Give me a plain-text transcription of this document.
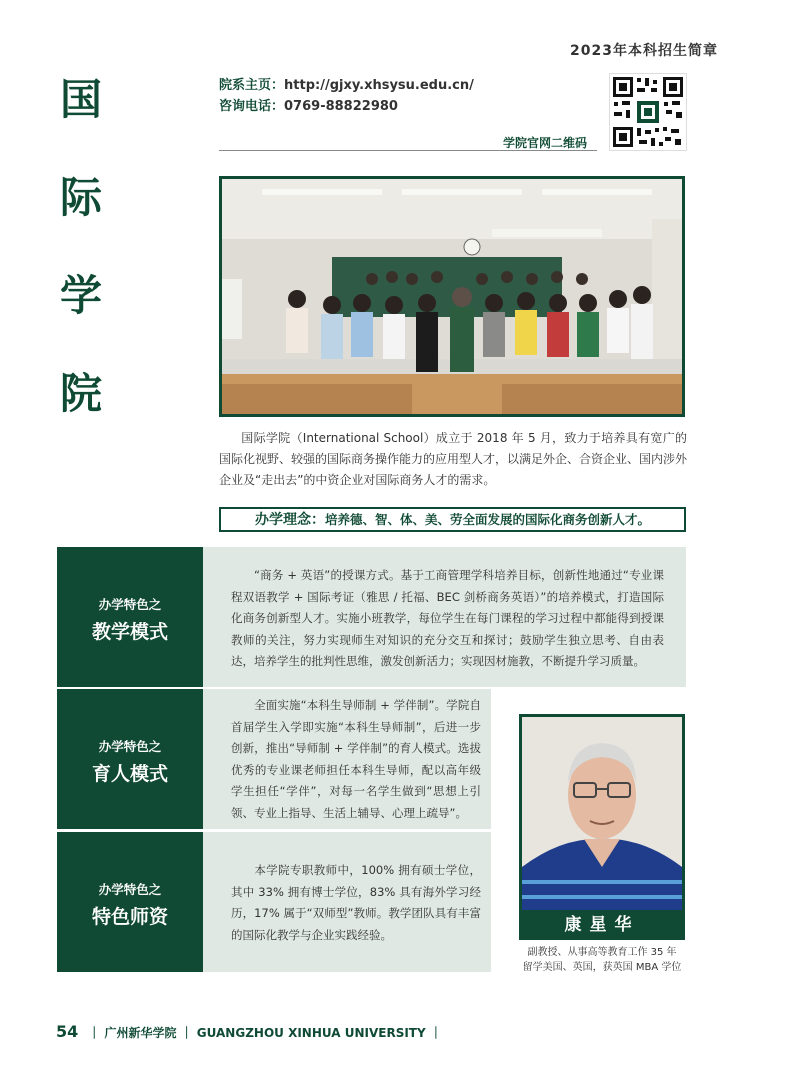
2023年本科招生简章
国
际
学
院
院系主页：http://gjxy.xhsysu.edu.cn/
咨询电话：0769-88822980
学院官网二维码
国际学院（International School）成立于 2018 年 5 月，致力于培养具有宽广的国际化视野、较强的国际商务操作能力的应用型人才，以满足外企、合资企业、国内涉外企业及“走出去”的中资企业对国际商务人才的需求。
办学理念：培养德、智、体、美、劳全面发展的国际化商务创新人才。
办学特色之
教学模式
“商务 + 英语”的授课方式。基于工商管理学科培养目标，创新性地通过“专业课程双语教学 + 国际考证（雅思 / 托福、BEC 剑桥商务英语）”的培养模式，打造国际化商务创新型人才。实施小班教学，每位学生在每门课程的学习过程中都能得到授课教师的关注，努力实现师生对知识的充分交互和探讨；鼓励学生独立思考、自由表达，培养学生的批判性思维，激发创新活力；实现因材施教，不断提升学习质量。
办学特色之
育人模式
全面实施“本科生导师制 + 学伴制”。学院自首届学生入学即实施“本科生导师制”，后进一步创新，推出“导师制 + 学伴制”的育人模式。选拔优秀的专业课老师担任本科生导师，配以高年级学生担任“学伴”，对每一名学生做到“思想上引领、专业上指导、生活上辅导、心理上疏导”。
办学特色之
特色师资
本学院专职教师中，100% 拥有硕士学位，其中 33% 拥有博士学位，83% 具有海外学习经历，17% 属于“双师型”教师。教学团队具有丰富的国际化教学与企业实践经验。	康星华
副教授、从事高等教育工作 35 年
留学美国、英国，获英国 MBA 学位
54 ｜ 广州新华学院 ｜ GUANGZHOU XINHUA UNIVERSITY ｜
